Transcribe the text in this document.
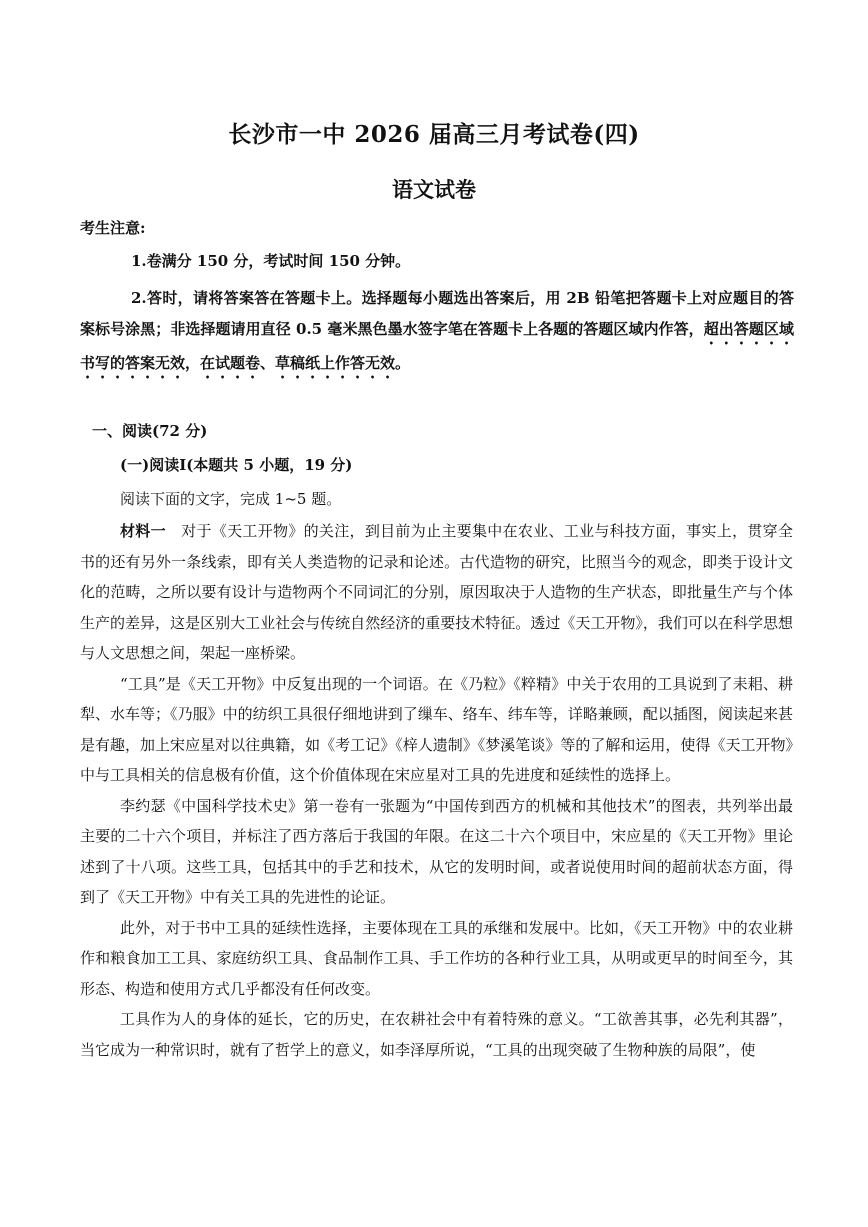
长沙市一中 2026 届高三月考试卷(四)
语文试卷
考生注意:
1.卷满分 150 分，考试时间 150 分钟。
2.答时，请将答案答在答题卡上。选择题每小题选出答案后，用 2B 铅笔把答题卡上对应题目的答案标号涂黑；非选择题请用直径 0.5 毫米黑色墨水签字笔在答题卡上各题的答题区域内作答，超出答题区域书写的答案无效，在试题卷、草稿纸上作答无效。
一、阅读(72 分)
(一)阅读Ⅰ(本题共 5 小题，19 分)
阅读下面的文字，完成 1~5 题。

材料一　 对于《天工开物》的关注，到目前为止主要集中在农业、工业与科技方面，事实上，贯穿全书的还有另外一条线索，即有关人类造物的记录和论述。古代造物的研究，比照当今的观念，即类于设计文化的范畴，之所以要有设计与造物两个不同词汇的分别，原因取决于人造物的生产状态，即批量生产与个体生产的差异，这是区别大工业社会与传统自然经济的重要技术特征。透过《天工开物》，我们可以在科学思想与人文思想之间，架起一座桥梁。

“工具”是《天工开物》中反复出现的一个词语。在《乃粒》《粹精》中关于农用的工具说到了耒耜、耕犁、水车等；《乃服》中的纺织工具很仔细地讲到了缫车、络车、纬车等，详略兼顾，配以插图，阅读起来甚是有趣，加上宋应星对以往典籍，如《考工记》《梓人遗制》《梦溪笔谈》等的了解和运用，使得《天工开物》中与工具相关的信息极有价值，这个价值体现在宋应星对工具的先进度和延续性的选择上。

李约瑟《中国科学技术史》第一卷有一张题为“中国传到西方的机械和其他技术”的图表，共列举出最主要的二十六个项目，并标注了西方落后于我国的年限。在这二十六个项目中，宋应星的《天工开物》里论述到了十八项。这些工具，包括其中的手艺和技术，从它的发明时间，或者说使用时间的超前状态方面，得到了《天工开物》中有关工具的先进性的论证。

此外，对于书中工具的延续性选择，主要体现在工具的承继和发展中。比如，《天工开物》中的农业耕作和粮食加工工具、家庭纺织工具、食品制作工具、手工作坊的各种行业工具，从明或更早的时间至今，其形态、构造和使用方式几乎都没有任何改变。

工具作为人的身体的延长，它的历史，在农耕社会中有着特殊的意义。“工欲善其事，必先利其器”，当它成为一种常识时，就有了哲学上的意义，如李泽厚所说，“工具的出现突破了生物种族的局限”，使
